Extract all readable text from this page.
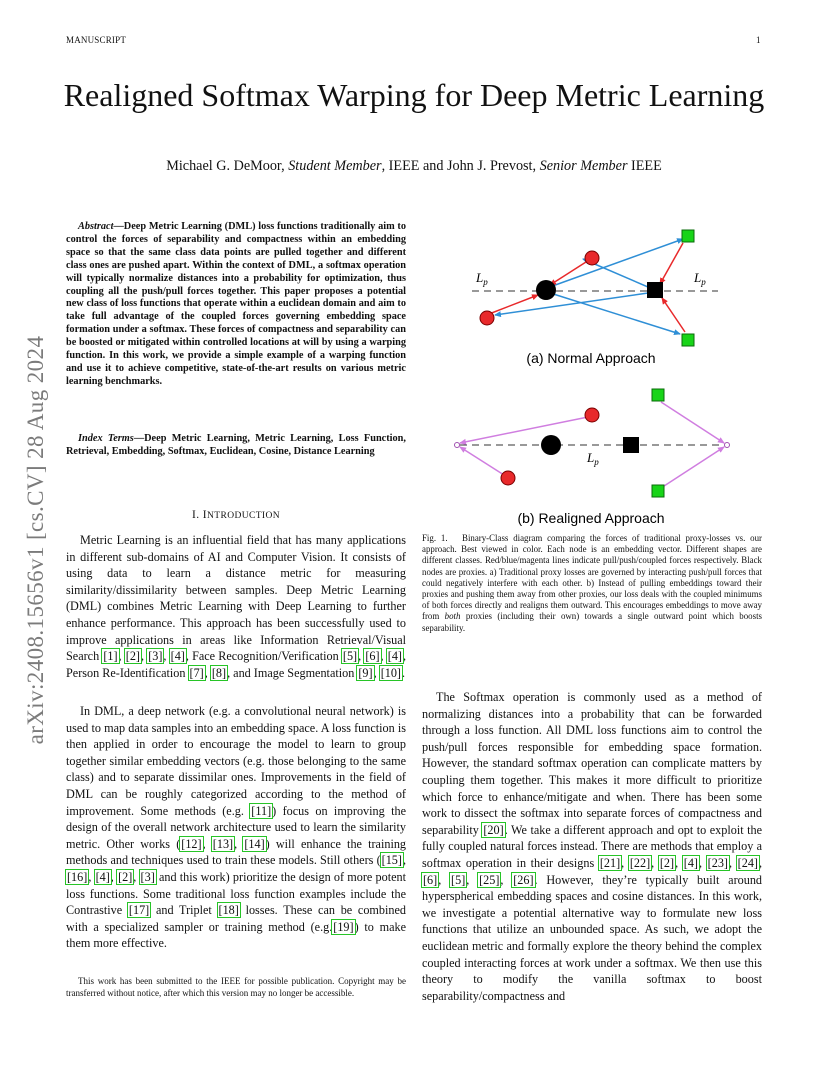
MANUSCRIPT	1
Realigned Softmax Warping for Deep Metric Learning
Michael G. DeMoor, Student Member, IEEE and John J. Prevost, Senior Member IEEE
arXiv:2408.15656v1 [cs.CV] 28 Aug 2024
Abstract—Deep Metric Learning (DML) loss functions traditionally aim to control the forces of separability and compactness within an embedding space so that the same class data points are pulled together and different class ones are pushed apart. Within the context of DML, a softmax operation will typically normalize distances into a probability for optimization, thus coupling all the push/pull forces together. This paper proposes a potential new class of loss functions that operate within a euclidean domain and aim to take full advantage of the coupled forces governing embedding space formation under a softmax. These forces of compactness and separability can be boosted or mitigated within controlled locations at will by using a warping function. In this work, we provide a simple example of a warping function and use it to achieve competitive, state-of-the-art results on various metric learning benchmarks.
Index Terms—Deep Metric Learning, Metric Learning, Loss Function, Retrieval, Embedding, Softmax, Euclidean, Cosine, Distance Learning
I. INTRODUCTION
Metric Learning is an influential field that has many applications in different sub-domains of AI and Computer Vision. It consists of using data to learn a distance metric for measuring similarity/dissimilarity between samples. Deep Metric Learning (DML) combines Metric Learning with Deep Learning to further enhance performance. This approach has been successfully used to improve applications in areas like Information Retrieval/Visual Search [1], [2], [3], [4], Face Recognition/Verification [5], [6], [4], Person Re-Identification [7], [8], and Image Segmentation [9], [10].
In DML, a deep network (e.g. a convolutional neural network) is used to map data samples into an embedding space. A loss function is then applied in order to encourage the model to learn to group together similar embedding vectors (e.g. those belonging to the same class) and to separate dissimilar ones. Improvements in the field of DML can be roughly categorized according to the method of improvement. Some methods (e.g. [11]) focus on improving the design of the overall network architecture used to learn the similarity metric. Other works ([12], [13], [14]) will enhance the training methods and techniques used to train these models. Still others ([15], [16], [4], [2], [3] and this work) prioritize the design of more potent loss functions. Some traditional loss function examples include the Contrastive [17] and Triplet [18] losses. These can be combined with a specialized sampler or training method (e.g.[19]) to make them more effective.
This work has been submitted to the IEEE for possible publication. Copyright may be transferred without notice, after which this version may no longer be accessible.
$L_p$	$L_p$
(a) Normal Approach
$L_p$
(b) Realigned Approach
Fig. 1. Binary-Class diagram comparing the forces of traditional proxy-losses vs. our approach. Best viewed in color. Each node is an embedding vector. Different shapes are different classes. Red/blue/magenta lines indicate pull/push/coupled forces respectively. Black nodes are proxies. a) Traditional proxy losses are governed by interacting push/pull forces that could negatively interfere with each other. b) Instead of pulling embeddings toward their proxies and pushing them away from other proxies, our loss deals with the coupled minimums of both forces directly and realigns them outward. This encourages embeddings to move away from both proxies (including their own) towards a single outward point which boosts separability.
The Softmax operation is commonly used as a method of normalizing distances into a probability that can be forwarded through a loss function. All DML loss functions aim to control the push/pull forces responsible for embedding space formation. However, the standard softmax operation can complicate matters by coupling them together. This makes it more difficult to prioritize which force to enhance/mitigate and when. There has been some work to dissect the softmax into separate forces of compactness and separability [20]. We take a different approach and opt to exploit the fully coupled natural forces instead. There are methods that employ a softmax operation in their designs [21], [22], [2], [4], [23], [24], [6], [5], [25], [26]. However, they’re typically built around hyperspherical embedding spaces and cosine distances. In this work, we investigate a potential alternative way to formulate new loss functions that utilize an unbounded space. As such, we adopt the euclidean metric and formally explore the theory behind the complex coupled interacting forces at work under a softmax. We then use this theory to modify the vanilla softmax to boost separability/compactness and
